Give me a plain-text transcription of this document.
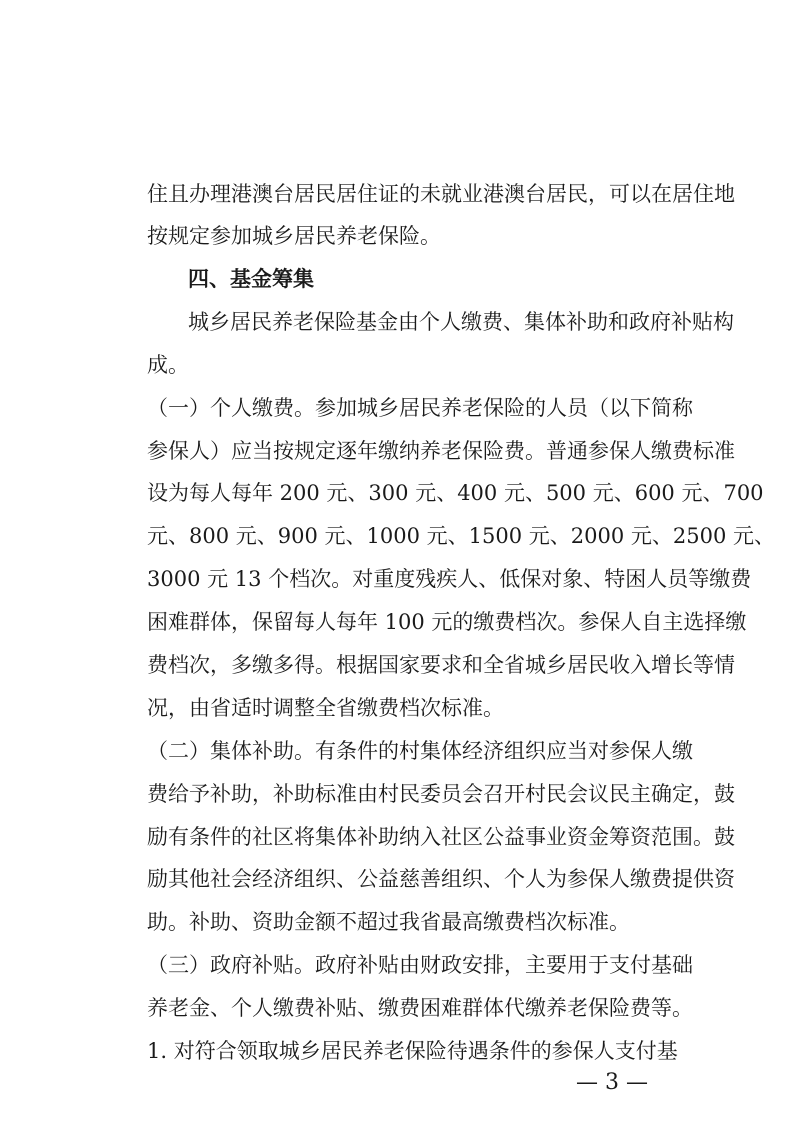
住且办理港澳台居民居住证的未就业港澳台居民，可以在居住地
按规定参加城乡居民养老保险。
四、基金筹集
城乡居民养老保险基金由个人缴费、集体补助和政府补贴构
成。
（一）个人缴费。参加城乡居民养老保险的人员（以下简称
参保人）应当按规定逐年缴纳养老保险费。普通参保人缴费标准
设为每人每年 200 元、300 元、400 元、500 元、600 元、700
元、800 元、900 元、1000 元、1500 元、2000 元、2500 元、
3000 元 13 个档次。对重度残疾人、低保对象、特困人员等缴费
困难群体，保留每人每年 100 元的缴费档次。参保人自主选择缴
费档次，多缴多得。根据国家要求和全省城乡居民收入增长等情
况，由省适时调整全省缴费档次标准。
（二）集体补助。有条件的村集体经济组织应当对参保人缴
费给予补助，补助标准由村民委员会召开村民会议民主确定，鼓
励有条件的社区将集体补助纳入社区公益事业资金筹资范围。鼓
励其他社会经济组织、公益慈善组织、个人为参保人缴费提供资
助。补助、资助金额不超过我省最高缴费档次标准。
（三）政府补贴。政府补贴由财政安排，主要用于支付基础
养老金、个人缴费补贴、缴费困难群体代缴养老保险费等。
1. 对符合领取城乡居民养老保险待遇条件的参保人支付基
— 3 —
